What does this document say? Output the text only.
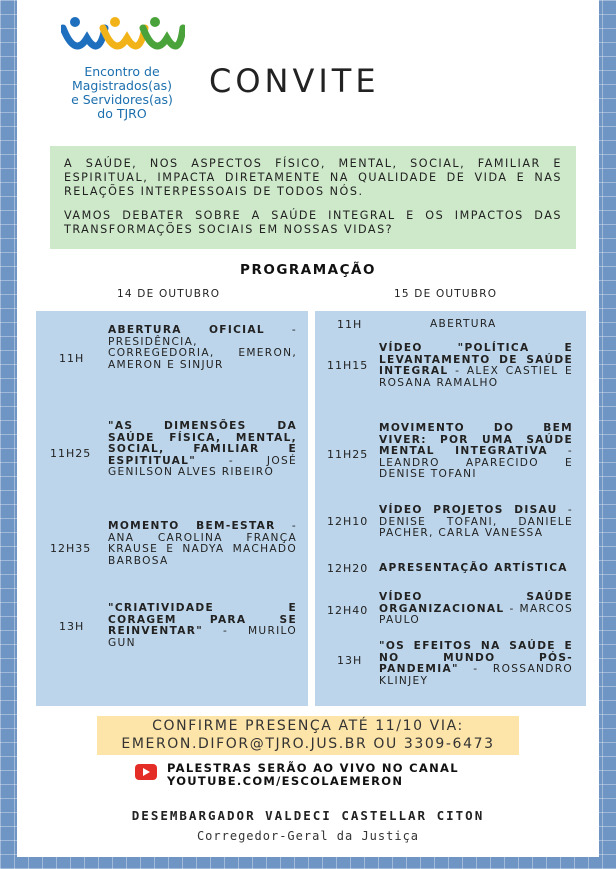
Encontro de
Magistrados(as)
e Servidores(as)
do TJRO
CONVITE

A SAÚDE, NOS ASPECTOS FÍSICO, MENTAL, SOCIAL, FAMILIAR E ESPIRITUAL, IMPACTA DIRETAMENTE NA QUALIDADE DE VIDA E NAS RELAÇÕES INTERPESSOAIS DE TODOS NÓS.

VAMOS DEBATER SOBRE A SAÚDE INTEGRAL E OS IMPACTOS DAS TRANSFORMAÇÕES SOCIAIS EM NOSSAS VIDAS?

PROGRAMAÇÃO
14 DE OUTUBRO	15 DE OUTUBRO
11H
ABERTURA OFICIAL - PRESIDÊNCIA, CORREGEDORIA, EMERON, AMERON E SINJUR
11H25
"AS DIMENSÕES DA SAÚDE FÍSICA, MENTAL, SOCIAL, FAMILIAR E ESPITITUAL" - JOSÉ GENILSON ALVES RIBEIRO
12H35
MOMENTO BEM-ESTAR - ANA CAROLINA FRANÇA KRAUSE E NADYA MACHADO BARBOSA
13H
"CRIATIVIDADE E CORAGEM PARA SE REINVENTAR" - MURILO GUN
11H	ABERTURA
11H15
VÍDEO "POLÍTICA E LEVANTAMENTO DE SAÚDE INTEGRAL - ALEX CASTIEL E ROSANA RAMALHO
11H25
MOVIMENTO DO BEM VIVER: POR UMA SAÚDE MENTAL INTEGRATIVA - LEANDRO APARECIDO E DENISE TOFANI
12H10
VÍDEO PROJETOS DISAU - DENISE TOFANI, DANIELE PACHER, CARLA VANESSA
12H20 APRESENTAÇÃO ARTÍSTICA
12H40
VÍDEO SAÚDE ORGANIZACIONAL - MARCOS PAULO
13H
"OS EFEITOS NA SAÚDE E NO MUNDO PÓS-PANDEMIA" - ROSSANDRO KLINJEY
CONFIRME PRESENÇA ATÉ 11/10 VIA:
EMERON.DIFOR@TJRO.JUS.BR OU 3309-6473
PALESTRAS SERÃO AO VIVO NO CANAL
YOUTUBE.COM/ESCOLAEMERON
DESEMBARGADOR VALDECI CASTELLAR CITON
Corregedor-Geral da Justiça
